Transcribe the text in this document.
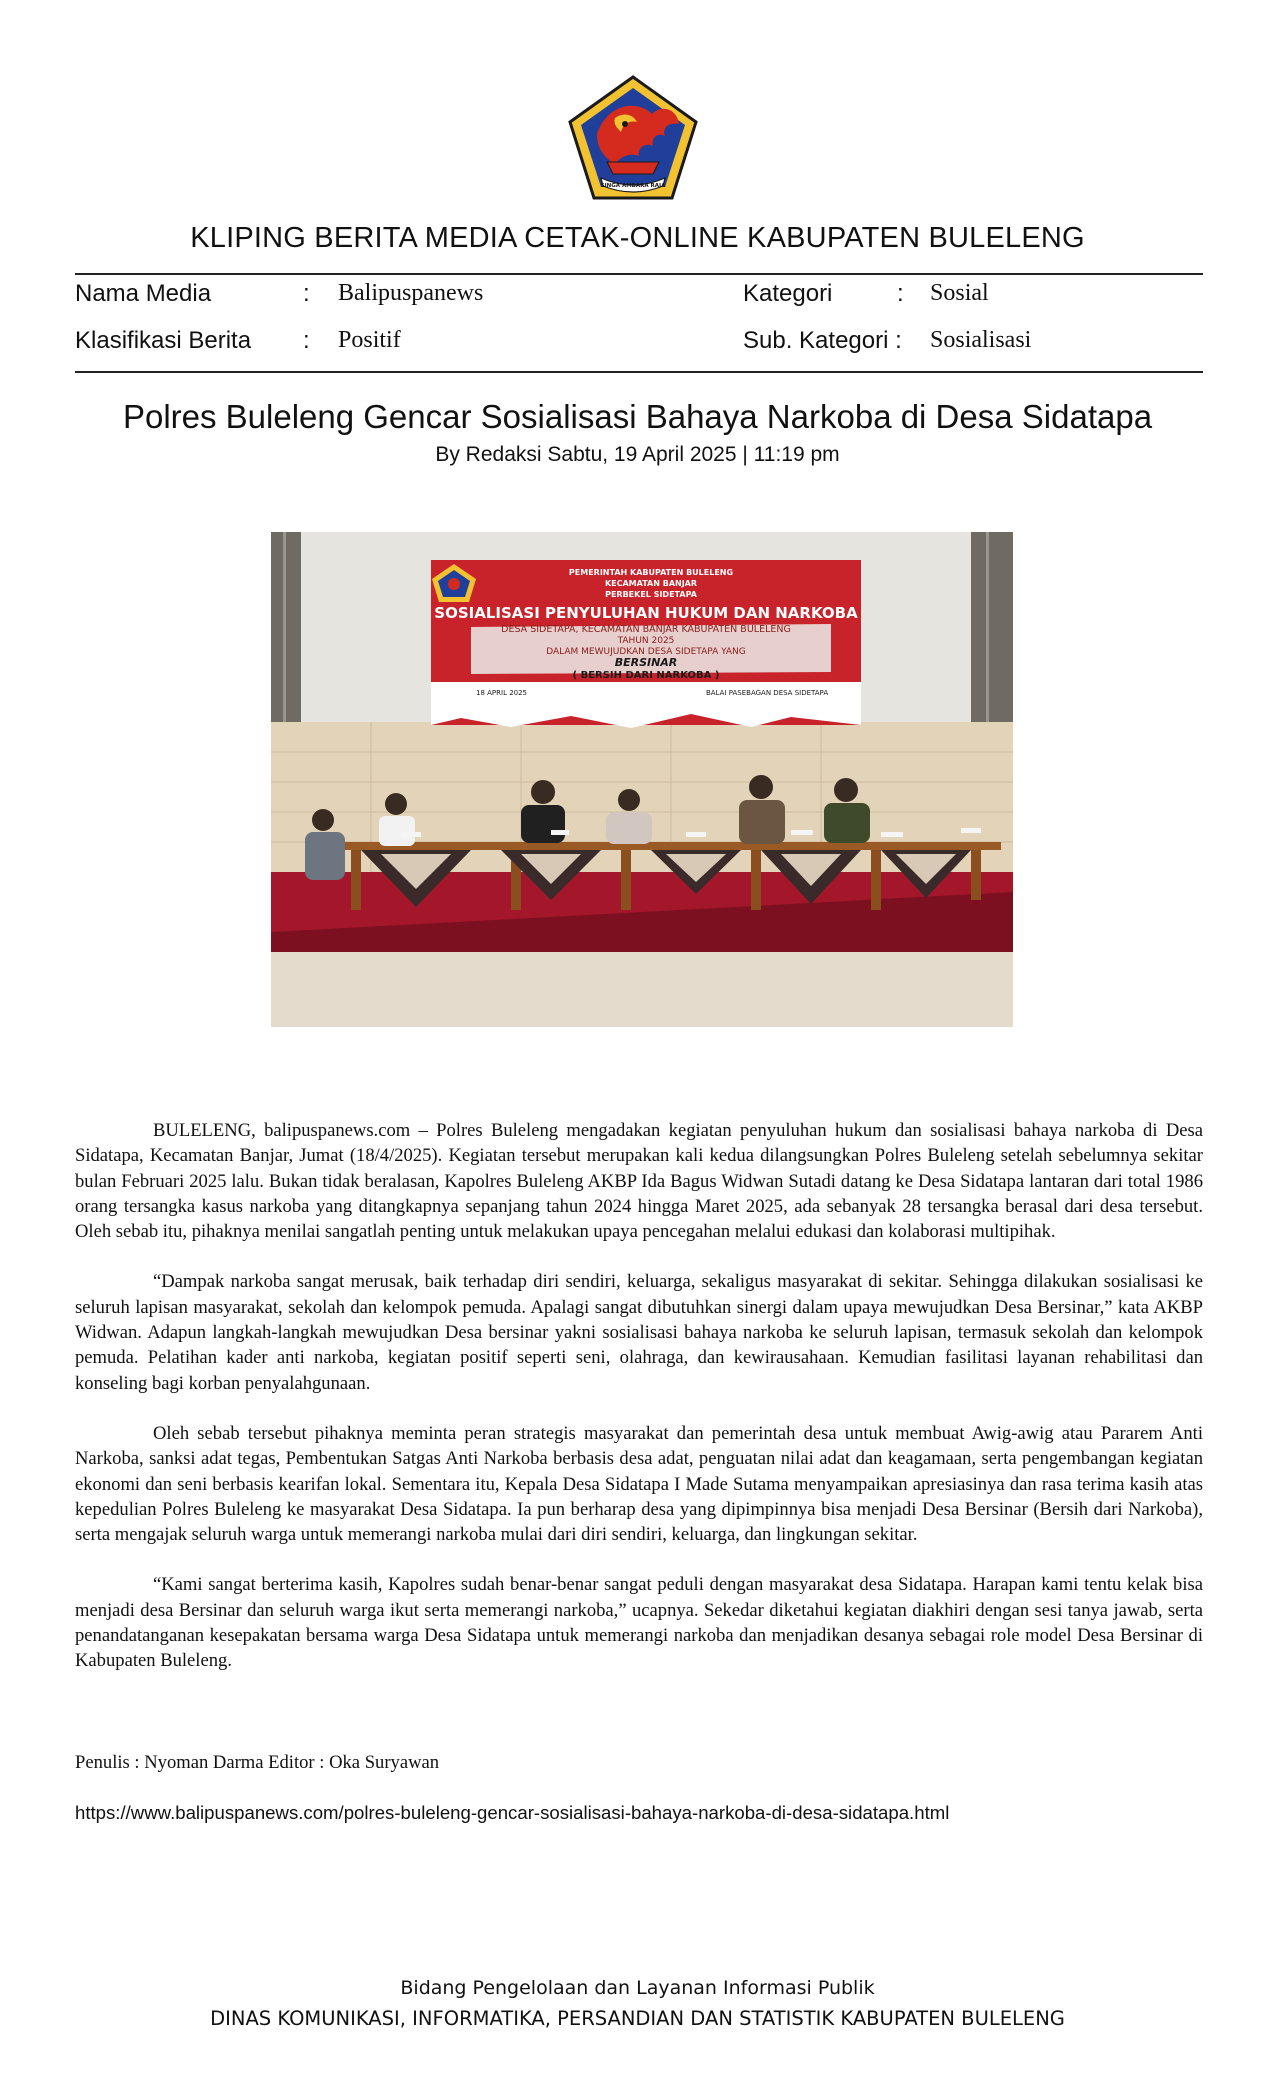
SINGA AMBARA RAJA
KLIPING BERITA MEDIA CETAK-ONLINE KABUPATEN BULELENG
Nama Media	: Balipuspanews	Kategori	: Sosial
Klasifikasi Berita : Positif	Sub. Kategori : Sosialisasi
Polres Buleleng Gencar Sosialisasi Bahaya Narkoba di Desa Sidatapa
By Redaksi Sabtu, 19 April 2025 | 11:19 pm
PEMERINTAH KABUPATEN BULELENG
KECAMATAN BANJAR
PERBEKEL SIDETAPA
SOSIALISASI PENYULUHAN HUKUM DAN NARKOBA
DESA SIDETAPA, KECAMATAN BANJAR KABUPATEN BULELENG
TAHUN 2025
DALAM MEWUJUDKAN DESA SIDETAPA YANG
BERSINAR
( BERSIH DARI NARKOBA )
18 APRIL 2025	BALAI PASEBAGAN DESA SIDETAPA

BULELENG, balipuspanews.com – Polres Buleleng mengadakan kegiatan penyuluhan hukum dan sosialisasi bahaya narkoba di Desa Sidatapa, Kecamatan Banjar, Jumat (18/4/2025). Kegiatan tersebut merupakan kali kedua dilangsungkan Polres Buleleng setelah sebelumnya sekitar bulan Februari 2025 lalu. Bukan tidak beralasan, Kapolres Buleleng AKBP Ida Bagus Widwan Sutadi datang ke Desa Sidatapa lantaran dari total 1986 orang tersangka kasus narkoba yang ditangkapnya sepanjang tahun 2024 hingga Maret 2025, ada sebanyak 28 tersangka berasal dari desa tersebut. Oleh sebab itu, pihaknya menilai sangatlah penting untuk melakukan upaya pencegahan melalui edukasi dan kolaborasi multipihak.

“Dampak narkoba sangat merusak, baik terhadap diri sendiri, keluarga, sekaligus masyarakat di sekitar. Sehingga dilakukan sosialisasi ke seluruh lapisan masyarakat, sekolah dan kelompok pemuda. Apalagi sangat dibutuhkan sinergi dalam upaya mewujudkan Desa Bersinar,” kata AKBP Widwan. Adapun langkah-langkah mewujudkan Desa bersinar yakni sosialisasi bahaya narkoba ke seluruh lapisan, termasuk sekolah dan kelompok pemuda. Pelatihan kader anti narkoba, kegiatan positif seperti seni, olahraga, dan kewirausahaan. Kemudian fasilitasi layanan rehabilitasi dan konseling bagi korban penyalahgunaan.

Oleh sebab tersebut pihaknya meminta peran strategis masyarakat dan pemerintah desa untuk membuat Awig-awig atau Pararem Anti Narkoba, sanksi adat tegas, Pembentukan Satgas Anti Narkoba berbasis desa adat, penguatan nilai adat dan keagamaan, serta pengembangan kegiatan ekonomi dan seni berbasis kearifan lokal. Sementara itu, Kepala Desa Sidatapa I Made Sutama menyampaikan apresiasinya dan rasa terima kasih atas kepedulian Polres Buleleng ke masyarakat Desa Sidatapa. Ia pun berharap desa yang dipimpinnya bisa menjadi Desa Bersinar (Bersih dari Narkoba), serta mengajak seluruh warga untuk memerangi narkoba mulai dari diri sendiri, keluarga, dan lingkungan sekitar.

“Kami sangat berterima kasih, Kapolres sudah benar-benar sangat peduli dengan masyarakat desa Sidatapa. Harapan kami tentu kelak bisa menjadi desa Bersinar dan seluruh warga ikut serta memerangi narkoba,” ucapnya. Sekedar diketahui kegiatan diakhiri dengan sesi tanya jawab, serta penandatanganan kesepakatan bersama warga Desa Sidatapa untuk memerangi narkoba dan menjadikan desanya sebagai role model Desa Bersinar di Kabupaten Buleleng.

Penulis : Nyoman Darma Editor : Oka Suryawan
https://www.balipuspanews.com/polres-buleleng-gencar-sosialisasi-bahaya-narkoba-di-desa-sidatapa.html
Bidang Pengelolaan dan Layanan Informasi Publik
DINAS KOMUNIKASI, INFORMATIKA, PERSANDIAN DAN STATISTIK KABUPATEN BULELENG
